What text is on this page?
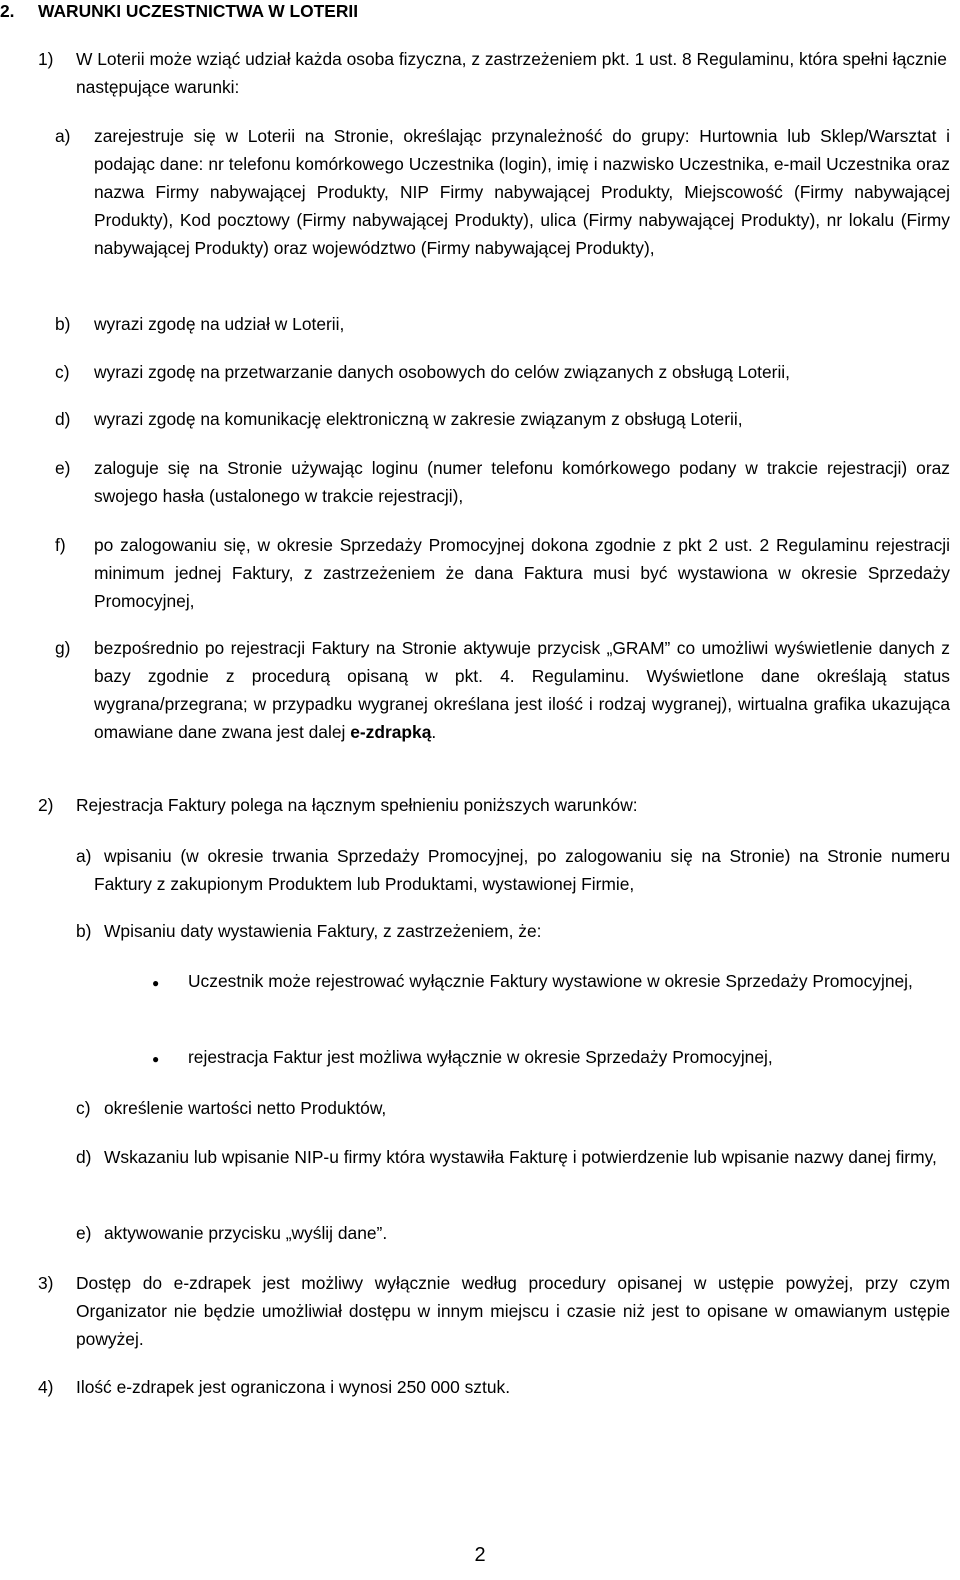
2. WARUNKI UCZESTNICTWA W LOTERII
1) W Loterii może wziąć udział każda osoba fizyczna, z zastrzeżeniem pkt. 1 ust. 8 Regulaminu, która spełni łącznie następujące warunki:
a) zarejestruje się w Loterii na Stronie, określając przynależność do grupy: Hurtownia lub Sklep/Warsztat i podając dane: nr telefonu komórkowego Uczestnika (login), imię i nazwisko Uczestnika, e-mail Uczestnika oraz nazwa Firmy nabywającej Produkty, NIP Firmy nabywającej Produkty, Miejscowość (Firmy nabywającej Produkty), Kod pocztowy (Firmy nabywającej Produkty), ulica (Firmy nabywającej Produkty), nr lokalu (Firmy nabywającej Produkty) oraz województwo (Firmy nabywającej Produkty),
b) wyrazi zgodę na udział w Loterii,
c) wyrazi zgodę na przetwarzanie danych osobowych do celów związanych z obsługą Loterii,
d) wyrazi zgodę na komunikację elektroniczną w zakresie związanym z obsługą Loterii,
e) zaloguje się na Stronie używając loginu (numer telefonu komórkowego podany w trakcie rejestracji) oraz swojego hasła (ustalonego w trakcie rejestracji),
f) po zalogowaniu się, w okresie Sprzedaży Promocyjnej dokona zgodnie z pkt 2 ust. 2 Regulaminu rejestracji minimum jednej Faktury, z zastrzeżeniem że dana Faktura musi być wystawiona w okresie Sprzedaży Promocyjnej,
g) bezpośrednio po rejestracji Faktury na Stronie aktywuje przycisk „GRAM” co umożliwi wyświetlenie danych z bazy zgodnie z procedurą opisaną w pkt. 4. Regulaminu. Wyświetlone dane określają status wygrana/przegrana; w przypadku wygranej określana jest ilość i rodzaj wygranej), wirtualna grafika ukazująca omawiane dane zwana jest dalej e-zdrapką.
2) Rejestracja Faktury polega na łącznym spełnieniu poniższych warunków:
a) wpisaniu (w okresie trwania Sprzedaży Promocyjnej, po zalogowaniu się na Stronie) na Stronie numeru Faktury z zakupionym Produktem lub Produktami, wystawionej Firmie,
b) Wpisaniu daty wystawienia Faktury, z zastrzeżeniem, że:
● Uczestnik może rejestrować wyłącznie Faktury wystawione w okresie Sprzedaży Promocyjnej,
● rejestracja Faktur jest możliwa wyłącznie w okresie Sprzedaży Promocyjnej,
c) określenie wartości netto Produktów,
d) Wskazaniu lub wpisanie NIP-u firmy która wystawiła Fakturę i potwierdzenie lub wpisanie nazwy danej firmy,
e) aktywowanie przycisku „wyślij dane”.
3) Dostęp do e-zdrapek jest możliwy wyłącznie według procedury opisanej w ustępie powyżej, przy czym Organizator nie będzie umożliwiał dostępu w innym miejscu i czasie niż jest to opisane w omawianym ustępie powyżej.
4) Ilość e-zdrapek jest ograniczona i wynosi 250 000 sztuk.
2
